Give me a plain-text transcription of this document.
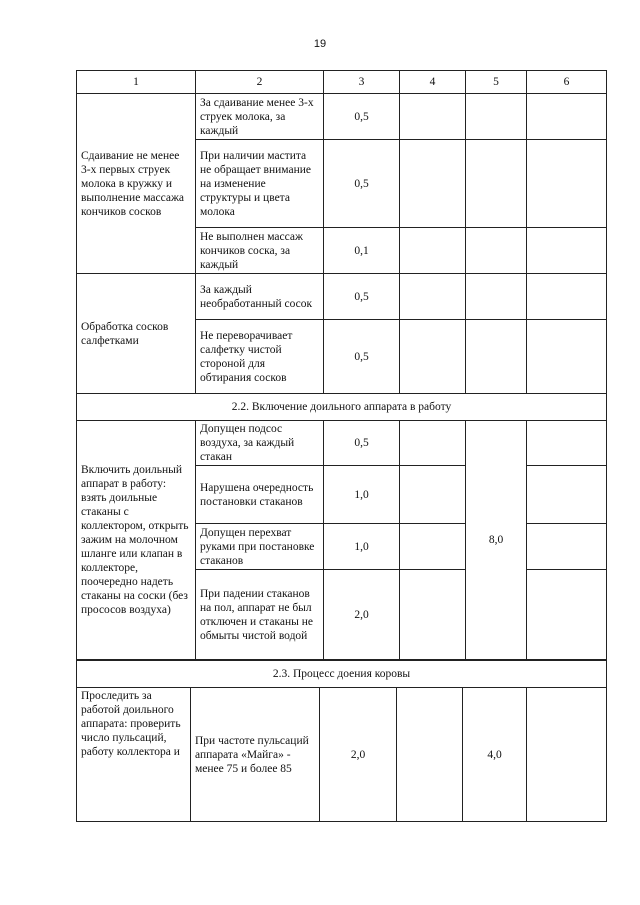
19
1	2	3	4	5	6
Сдаивание не менее 3-х первых струек молока в кружку и выполнение массажа кончиков сосков	За сдаивание менее 3-х струек молока, за каждый	0,5			
	При наличии мастита не обращает внимание на изменение структуры и цвета молока	0,5			
	Не выполнен массаж кончиков соска, за каждый	0,1			
Обработка сосков салфетками	За каждый необработанный сосок	0,5			
	Не переворачивает салфетку чистой стороной для обтирания сосков	0,5			
2.2. Включение доильного аппарата в работу					
Включить доильный аппарат в работу: взять доильные стаканы с коллектором, открыть зажим на молочном шланге или клапан в коллекторе, поочередно надеть стаканы на соски (без прососов воздуха)	Допущен подсос воздуха, за каждый стакан	0,5		8,0	
	Нарушена очередность постановки стаканов	1,0			
	Допущен перехват руками при постановке стаканов	1,0			
	При падении стаканов на пол, аппарат не был отключен и стаканы не обмыты чистой водой	2,0			
2.3. Процесс доения коровы
Проследить за работой доильного аппарата: проверить число пульсаций, работу коллектора и	При частоте пульсаций аппарата «Майга» - менее 75 и более 85	2,0		4,0	
